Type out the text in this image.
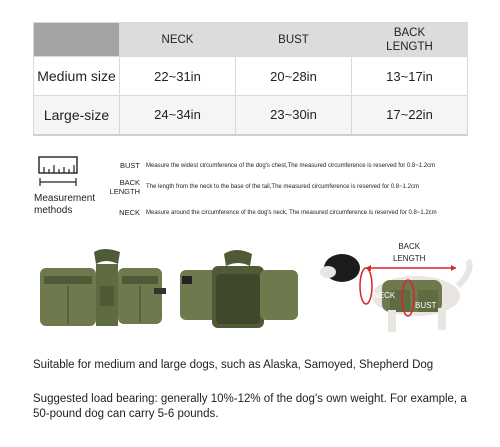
	NECK	BUST	BACK
LENGTH
Medium size	22~31in	20~28in	13~17in
Large-size	24~34in	23~30in	17~22in
Measurement methods
BUST Measure the widest circumference of the dog's chest,The measured circumference is reserved for 0.8~1.2cm
BACK LENGTH The length from the neck to the base of the tail,The measured circumference is reserved for 0.8~1.2cm
NECK Measure around the circumference of the dog's neck, The measured circumference is reserved for 0.8~1.2cm
BACK
LENGTH
NECK
BUST
Suitable for medium and large dogs, such as Alaska, Samoyed, Shepherd Dog
Suggested load bearing: generally 10%-12% of the dog's own weight. For example, a 50-pound dog can carry 5-6 pounds.
